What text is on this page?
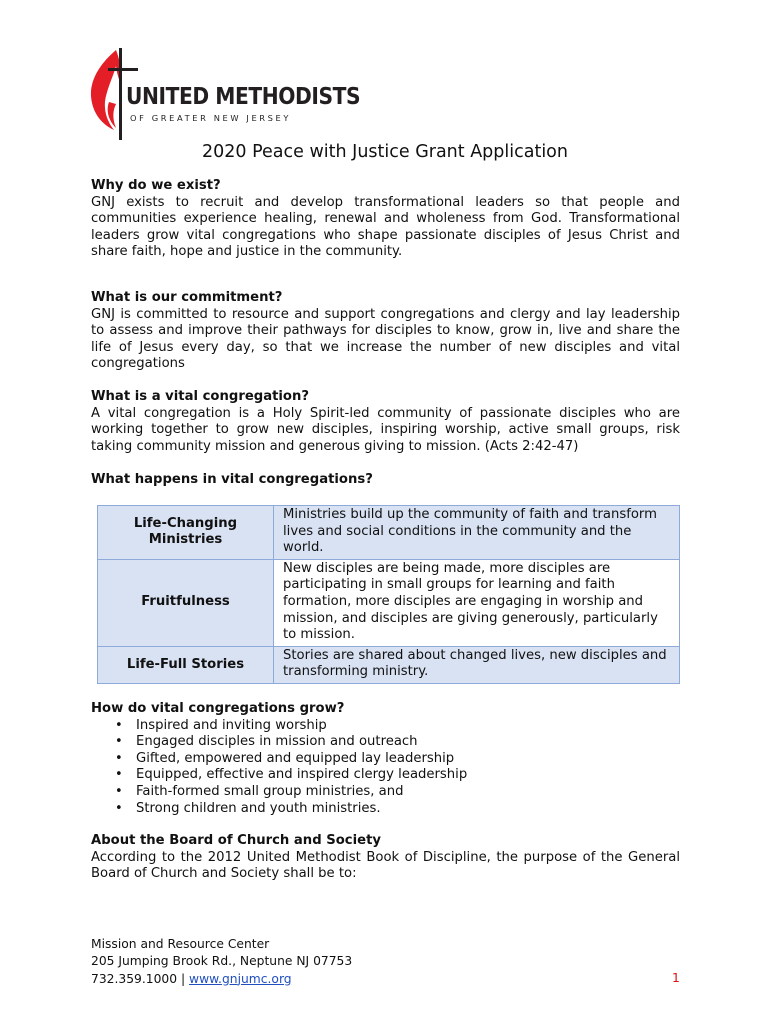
UNITED METHODISTS
OF GREATER NEW JERSEY
2020 Peace with Justice Grant Application
Why do we exist?

GNJ exists to recruit and develop transformational leaders so that people and communities experience healing, renewal and wholeness from God. Transformational leaders grow vital congregations who shape passionate disciples of Jesus Christ and share faith, hope and justice in the community.

What is our commitment?

GNJ is committed to resource and support congregations and clergy and lay leadership to assess and improve their pathways for disciples to know, grow in, live and share the life of Jesus every day, so that we increase the number of new disciples and vital congregations

What is a vital congregation?

A vital congregation is a Holy Spirit-led community of passionate disciples who are working together to grow new disciples, inspiring worship, active small groups, risk taking community mission and generous giving to mission. (Acts 2:42-47)

What happens in vital congregations?
Life-Changing Ministries	Ministries build up the community of faith and transform lives and social conditions in the community and the world.
Fruitfulness	New disciples are being made, more disciples are participating in small groups for learning and faith formation, more disciples are engaging in worship and mission, and disciples are giving generously, particularly to mission.
Life-Full Stories	Stories are shared about changed lives, new disciples and transforming ministry.
How do vital congregations grow?
• Inspired and inviting worship
• Engaged disciples in mission and outreach
• Gifted, empowered and equipped lay leadership
• Equipped, effective and inspired clergy leadership
• Faith-formed small group ministries, and
• Strong children and youth ministries.
About the Board of Church and Society

According to the 2012 United Methodist Book of Discipline, the purpose of the General Board of Church and Society shall be to:

Mission and Resource Center
205 Jumping Brook Rd., Neptune NJ 07753
732.359.1000 | www.gnjumc.org	1
